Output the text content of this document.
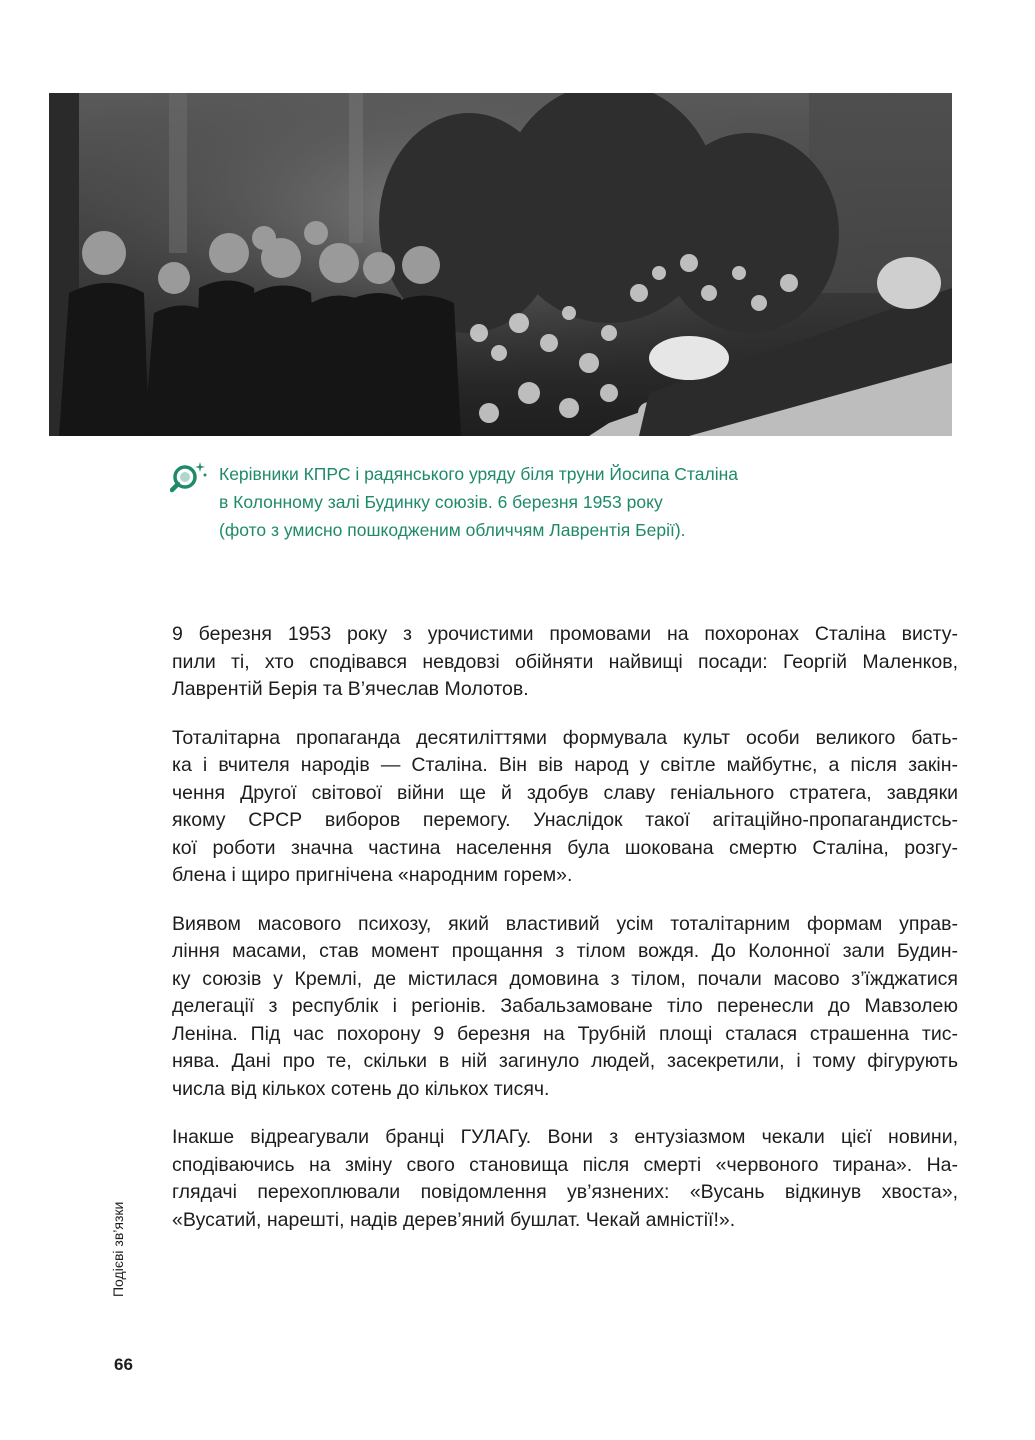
Керівники КПРС і радянського уряду біля труни Йосипа Сталіна
в Колонному залі Будинку союзів. 6 березня 1953 року
(фото з умисно пошкодженим обличчям Лаврентія Берії).

9 березня 1953 року з урочистими промовами на похоронах Сталіна висту-
пили ті, хто сподівався невдовзі обійняти найвищі посади: Георгій Маленков,
Лаврентій Берія та В’ячеслав Молотов.

Тоталітарна пропаганда десятиліттями формувала культ особи великого бать-
ка і вчителя народів — Сталіна. Він вів народ у світле майбутнє, а після закін-
чення Другої світової війни ще й здобув славу геніального стратега, завдяки
якому СРСР виборов перемогу. Унаслідок такої агітаційно-пропагандистсь-
кої роботи значна частина населення була шокована смертю Сталіна, розгу-
блена і щиро пригнічена «народним горем».

Виявом масового психозу, який властивий усім тоталітарним формам управ-
ління масами, став момент прощання з тілом вождя. До Колонної зали Будин-
ку союзів у Кремлі, де містилася домовина з тілом, почали масово з’їжджатися
делегації з республік і регіонів. Забальзамоване тіло перенесли до Мавзолею
Леніна. Під час похорону 9 березня на Трубній площі сталася страшенна тис-
нява. Дані про те, скільки в ній загинуло людей, засекретили, і тому фігурують
числа від кількох сотень до кількох тисяч.

Інакше відреагували бранці ГУЛАГу. Вони з ентузіазмом чекали цієї новини,
сподіваючись на зміну свого становища після смерті «червоного тирана». На-
глядачі перехоплювали повідомлення ув’язнених: «Вусань відкинув хвоста»,
«Вусатий, нарешті, надів дерев’яний бушлат. Чекай амністії!».

Подієві зв’язки
66
